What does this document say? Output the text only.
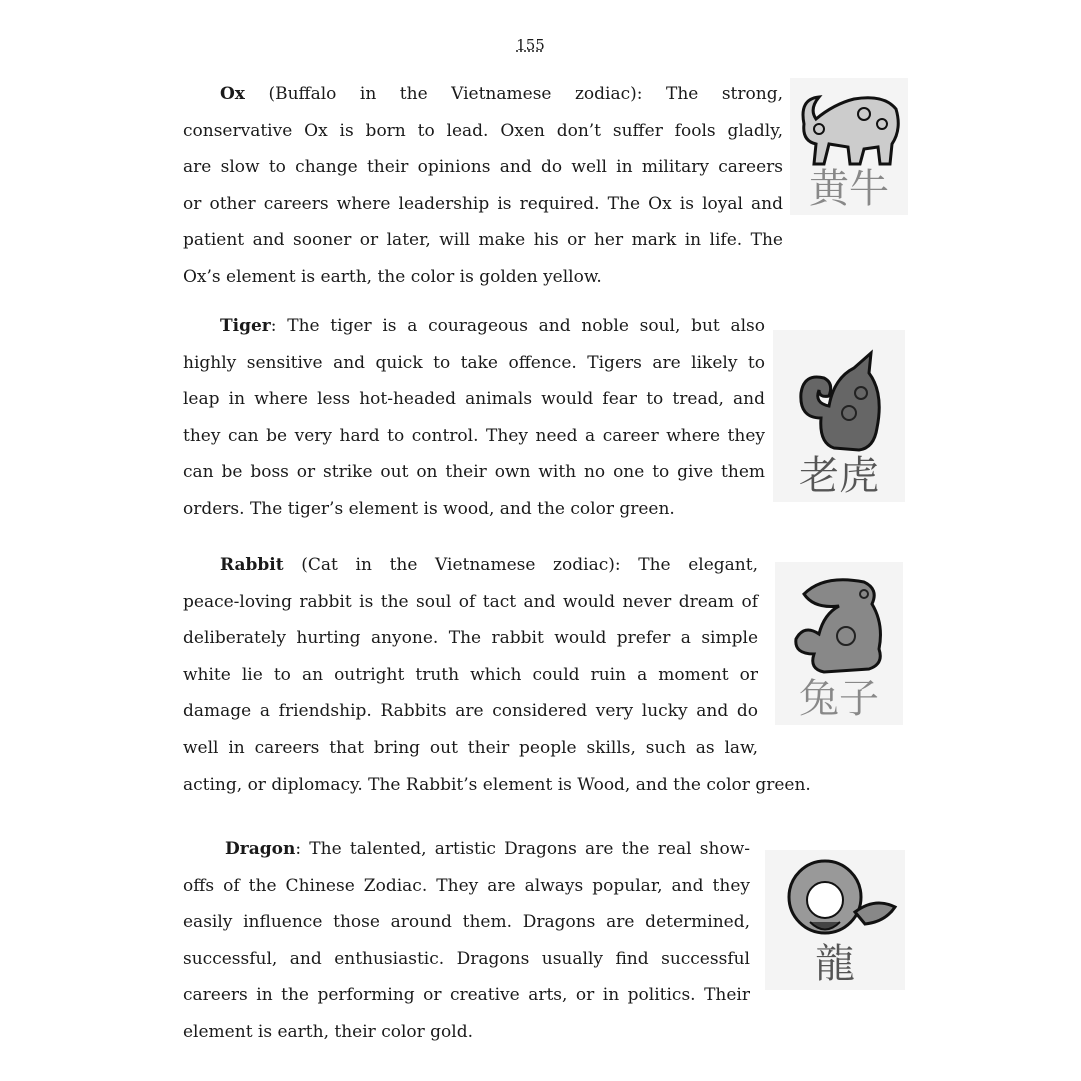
155
Ox (Buffalo in the Vietnamese zodiac): The strong,
conservative Ox is born to lead. Oxen don’t suffer fools gladly,
are slow to change their opinions and do well in military careers
or other careers where leadership is required. The Ox is loyal and
patient and sooner or later, will make his or her mark in life. The
Ox’s element is earth, the color is golden yellow.
黄牛
Tiger: The tiger is a courageous and noble soul, but also
highly sensitive and quick to take offence. Tigers are likely to
leap in where less hot-headed animals would fear to tread, and
they can be very hard to control. They need a career where they
can be boss or strike out on their own with no one to give them
orders. The tiger’s element is wood, and the color green.
老虎
Rabbit (Cat in the Vietnamese zodiac): The elegant,
peace-loving rabbit is the soul of tact and would never dream of
deliberately hurting anyone. The rabbit would prefer a simple
white lie to an outright truth which could ruin a moment or
damage a friendship. Rabbits are considered very lucky and do
well in careers that bring out their people skills, such as law,
acting, or diplomacy. The Rabbit’s element is Wood, and the color green.
兔子
Dragon: The talented, artistic Dragons are the real show-
offs of the Chinese Zodiac. They are always popular, and they
easily influence those around them. Dragons are determined,
successful, and enthusiastic. Dragons usually find successful
careers in the performing or creative arts, or in politics. Their
element is earth, their color gold.
龍
